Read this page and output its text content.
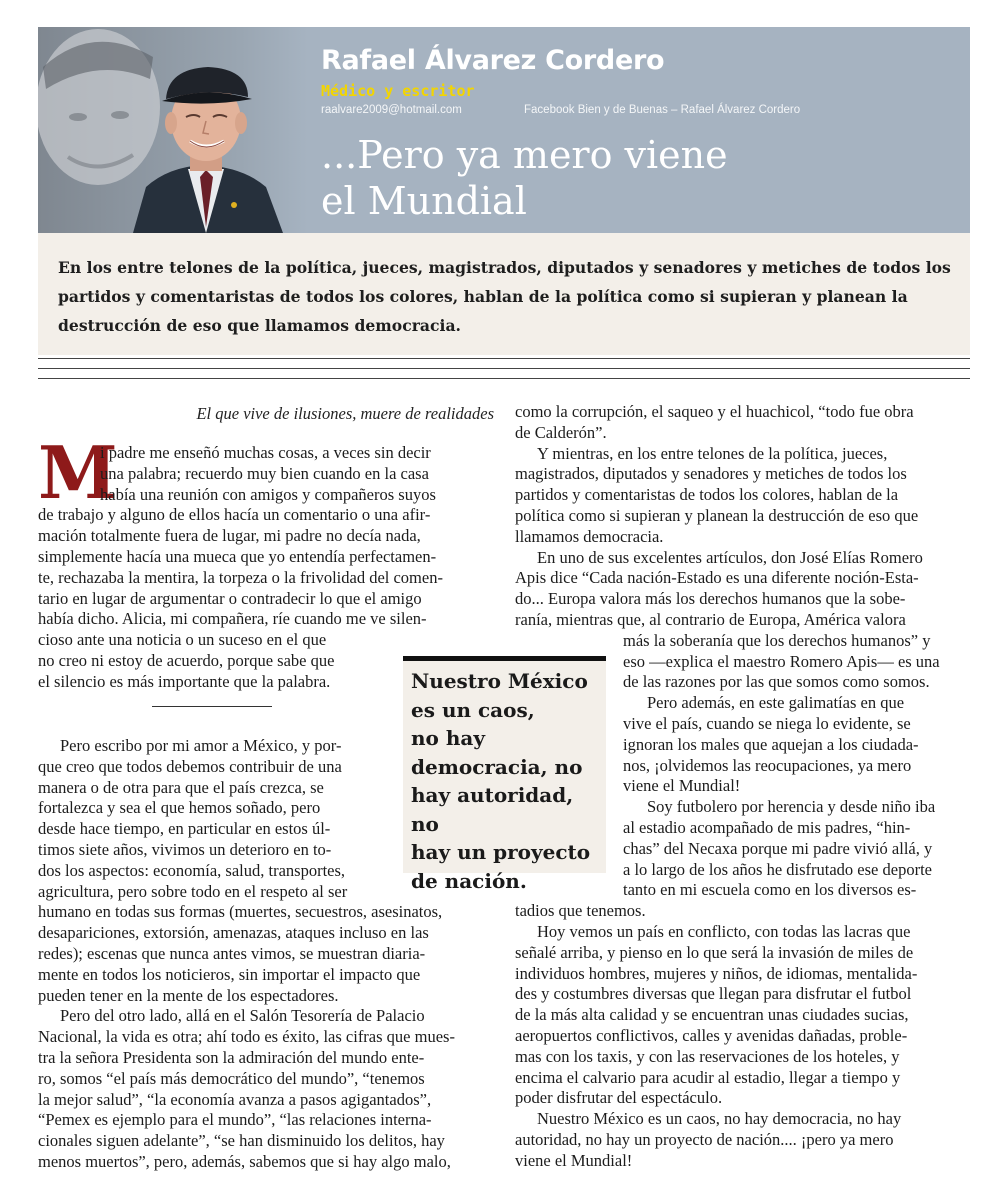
Rafael Álvarez Cordero
Médico y escritor
raalvare2009@hotmail.com	Facebook Bien y de Buenas – Rafael Álvarez Cordero
...Pero ya mero viene
el Mundial

En los entre telones de la política, jueces, magistrados, diputados y senadores y metiches de todos los partidos y comentaristas de todos los colores, hablan de la política como si supieran y planean la destrucción de eso que llamamos democracia.

El que vive de ilusiones, muere de realidades
M
i padre me enseñó muchas cosas, a veces sin decir
una palabra; recuerdo muy bien cuando en la casa
había una reunión con amigos y compañeros suyos
de trabajo y alguno de ellos hacía un comentario o una afir-
mación totalmente fuera de lugar, mi padre no decía nada,
simplemente hacía una mueca que yo entendía perfectamen-
te, rechazaba la mentira, la torpeza o la frivolidad del comen-
tario en lugar de argumentar o contradecir lo que el amigo
había dicho. Alicia, mi compañera, ríe cuando me ve silen-
cioso ante una noticia o un suceso en el que
no creo ni estoy de acuerdo, porque sabe que
el silencio es más importante que la palabra.
Pero escribo por mi amor a México, y por-
que creo que todos debemos contribuir de una
manera o de otra para que el país crezca, se
fortalezca y sea el que hemos soñado, pero
desde hace tiempo, en particular en estos úl-
timos siete años, vivimos un deterioro en to-
dos los aspectos: economía, salud, transportes,
agricultura, pero sobre todo en el respeto al ser
humano en todas sus formas (muertes, secuestros, asesinatos,
desapariciones, extorsión, amenazas, ataques incluso en las
redes); escenas que nunca antes vimos, se muestran diaria-
mente en todos los noticieros, sin importar el impacto que
pueden tener en la mente de los espectadores.
Pero del otro lado, allá en el Salón Tesorería de Palacio
Nacional, la vida es otra; ahí todo es éxito, las cifras que mues-
tra la señora Presidenta son la admiración del mundo ente-
ro, somos “el país más democrático del mundo”, “tenemos
la mejor salud”, “la economía avanza a pasos agigantados”,
“Pemex es ejemplo para el mundo”, “las relaciones interna-
cionales siguen adelante”, “se han disminuido los delitos, hay
menos muertos”, pero, además, sabemos que si hay algo malo,
como la corrupción, el saqueo y el huachicol, “todo fue obra
de Calderón”.
Y mientras, en los entre telones de la política, jueces,
magistrados, diputados y senadores y metiches de todos los
partidos y comentaristas de todos los colores, hablan de la
política como si supieran y planean la destrucción de eso que
llamamos democracia.
En uno de sus excelentes artículos, don José Elías Romero
Apis dice “Cada nación-Estado es una diferente noción-Esta-
do... Europa valora más los derechos humanos que la sobe-
ranía, mientras que, al contrario de Europa, América valora
más la soberanía que los derechos humanos” y
eso —explica el maestro Romero Apis— es una
de las razones por las que somos como somos.
Pero además, en este galimatías en que
vive el país, cuando se niega lo evidente, se
ignoran los males que aquejan a los ciudada-
nos, ¡olvidemos las reocupaciones, ya mero
viene el Mundial!
Soy futbolero por herencia y desde niño iba
al estadio acompañado de mis padres, “hin-
chas” del Necaxa porque mi padre vivió allá, y
a lo largo de los años he disfrutado ese deporte
tanto en mi escuela como en los diversos es-
tadios que tenemos.
Hoy vemos un país en conflicto, con todas las lacras que
señalé arriba, y pienso en lo que será la invasión de miles de
individuos hombres, mujeres y niños, de idiomas, mentalida-
des y costumbres diversas que llegan para disfrutar el futbol
de la más alta calidad y se encuentran unas ciudades sucias,
aeropuertos conflictivos, calles y avenidas dañadas, proble-
mas con los taxis, y con las reservaciones de los hoteles, y
encima el calvario para acudir al estadio, llegar a tiempo y
poder disfrutar del espectáculo.
Nuestro México es un caos, no hay democracia, no hay
autoridad, no hay un proyecto de nación.... ¡pero ya mero
viene el Mundial!

Nuestro México
es un caos,
no hay
democracia, no
hay autoridad, no
hay un proyecto
de nación.
